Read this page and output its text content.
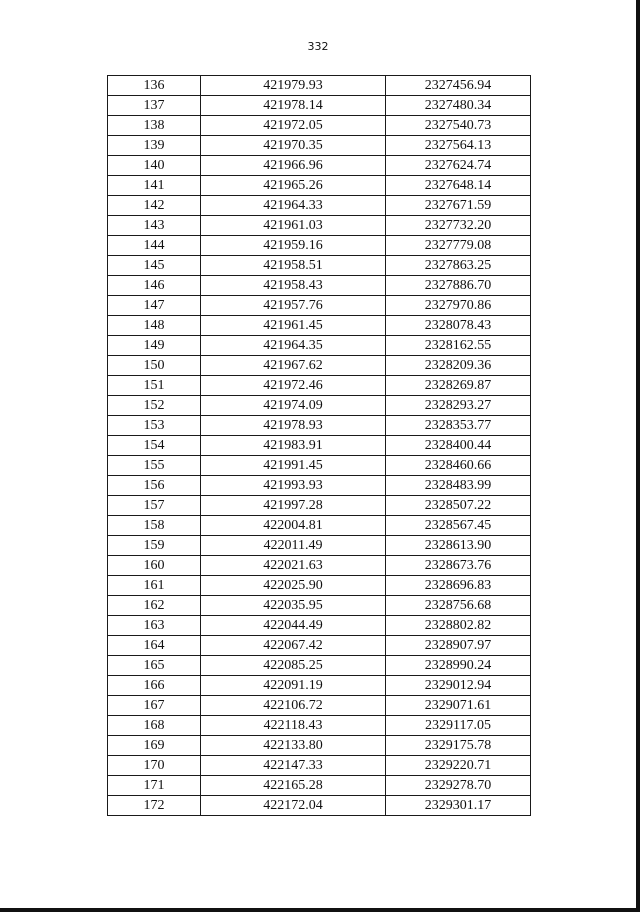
332
136	421979.93	2327456.94
137	421978.14	2327480.34
138	421972.05	2327540.73
139	421970.35	2327564.13
140	421966.96	2327624.74
141	421965.26	2327648.14
142	421964.33	2327671.59
143	421961.03	2327732.20
144	421959.16	2327779.08
145	421958.51	2327863.25
146	421958.43	2327886.70
147	421957.76	2327970.86
148	421961.45	2328078.43
149	421964.35	2328162.55
150	421967.62	2328209.36
151	421972.46	2328269.87
152	421974.09	2328293.27
153	421978.93	2328353.77
154	421983.91	2328400.44
155	421991.45	2328460.66
156	421993.93	2328483.99
157	421997.28	2328507.22
158	422004.81	2328567.45
159	422011.49	2328613.90
160	422021.63	2328673.76
161	422025.90	2328696.83
162	422035.95	2328756.68
163	422044.49	2328802.82
164	422067.42	2328907.97
165	422085.25	2328990.24
166	422091.19	2329012.94
167	422106.72	2329071.61
168	422118.43	2329117.05
169	422133.80	2329175.78
170	422147.33	2329220.71
171	422165.28	2329278.70
172	422172.04	2329301.17
